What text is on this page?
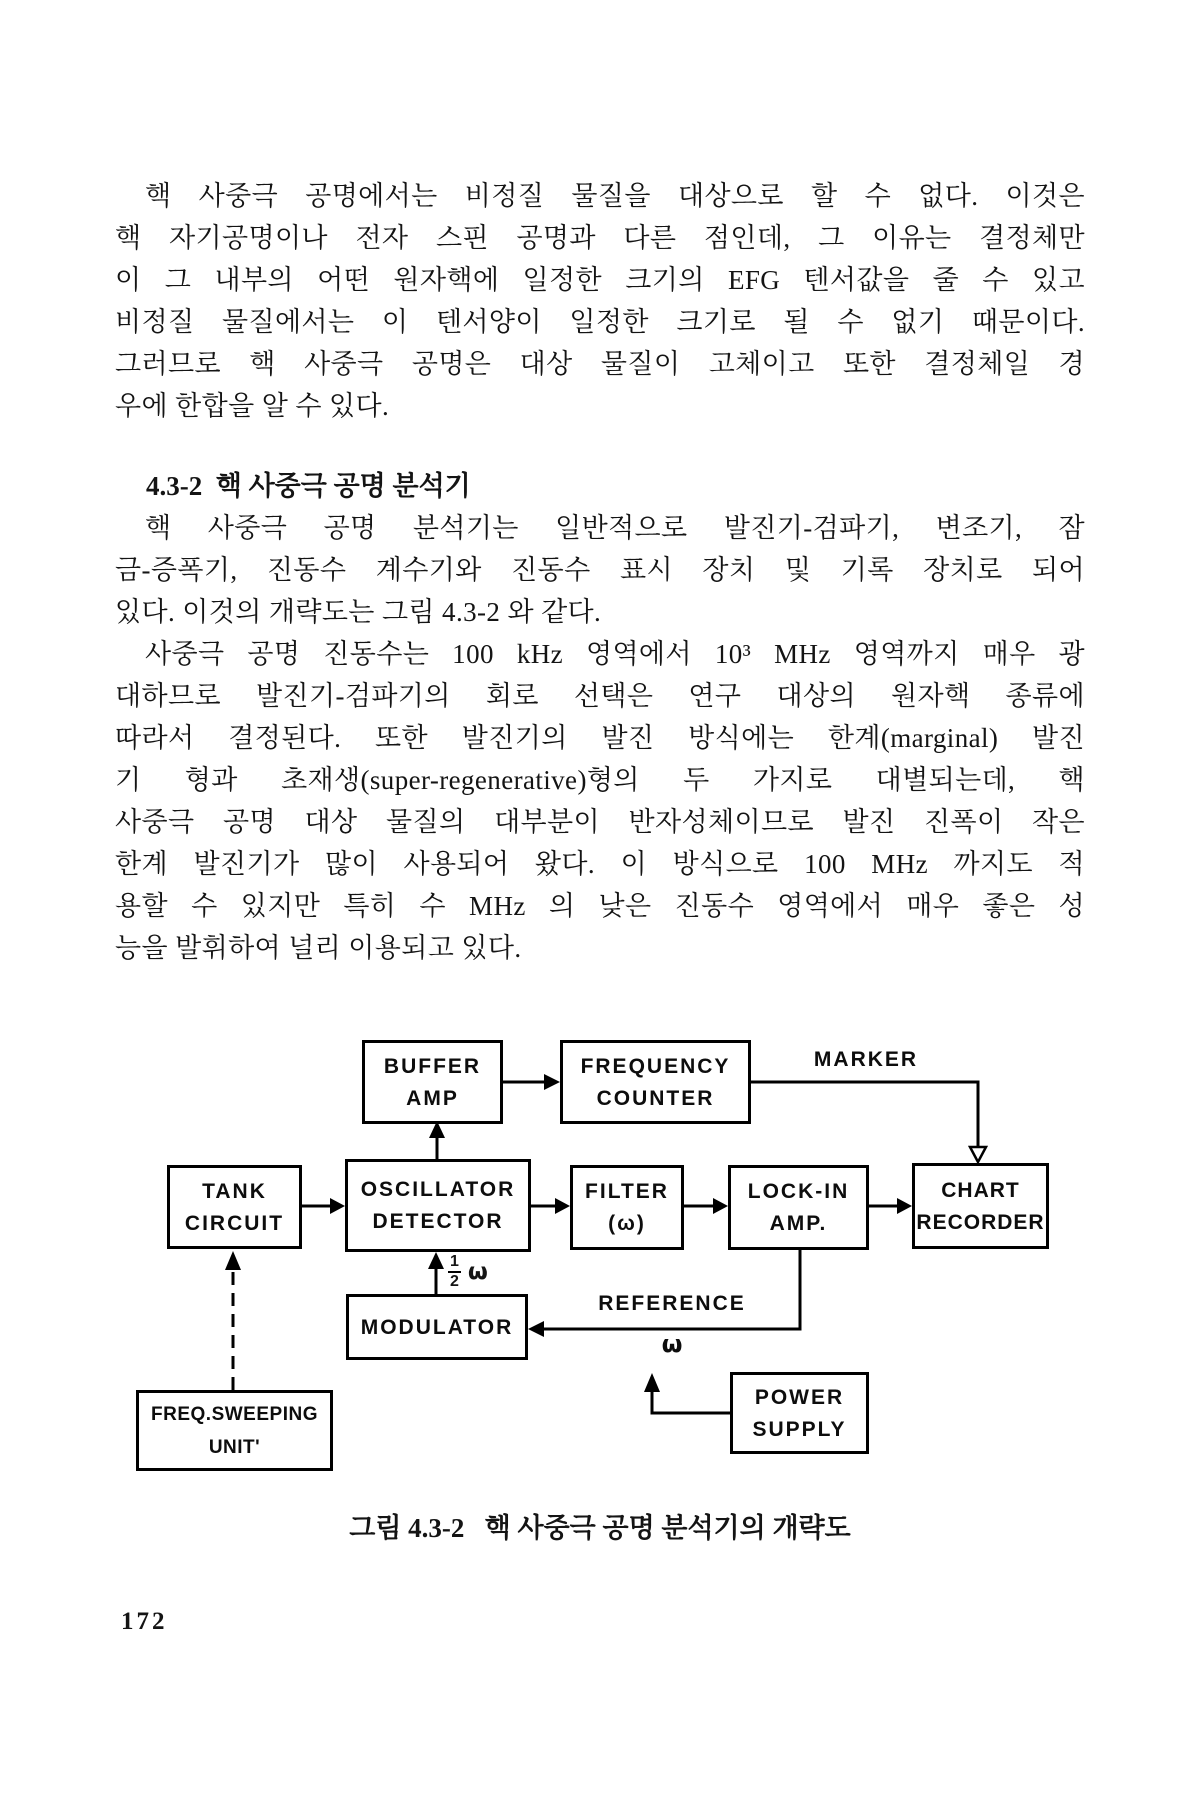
핵 사중극 공명에서는 비정질 물질을 대상으로 할 수 없다. 이것은
핵 자기공명이나 전자 스핀 공명과 다른 점인데, 그 이유는 결정체만
이 그 내부의 어떤 원자핵에 일정한 크기의 EFG 텐서값을 줄 수 있고
비정질 물질에서는 이 텐서양이 일정한 크기로 될 수 없기 때문이다.
그러므로 핵 사중극 공명은 대상 물질이 고체이고 또한 결정체일 경
우에 한합을 알 수 있다.
4.3-2  핵 사중극 공명 분석기
핵 사중극 공명 분석기는 일반적으로 발진기-검파기, 변조기, 잠
금-증폭기, 진동수 계수기와 진동수 표시 장치 및 기록 장치로 되어
있다. 이것의 개략도는 그림 4.3-2 와 같다.
사중극 공명 진동수는 100 kHz 영역에서 10³ MHz 영역까지 매우 광
대하므로 발진기-검파기의 회로 선택은 연구 대상의 원자핵 종류에
따라서 결정된다. 또한 발진기의 발진 방식에는 한계(marginal) 발진
기 형과 초재생(super-regenerative)형의 두 가지로 대별되는데, 핵
사중극 공명 대상 물질의 대부분이 반자성체이므로 발진 진폭이 작은
한계 발진기가 많이 사용되어 왔다. 이 방식으로 100 MHz 까지도 적
용할 수 있지만 특히 수 MHz 의 낮은 진동수 영역에서 매우 좋은 성
능을 발휘하여 널리 이용되고 있다.
BUFFER
AMP
FREQUENCY
COUNTER
TANK
CIRCUIT
OSCILLATOR
DETECTOR
FILTER
(ω)
LOCK-IN
AMP.
CHART
RECORDER
MODULATOR
FREQ.SWEEPING
UNIT'
POWER
SUPPLY
MARKER
REFERENCE
ω
$\frac{1}{2}$ ω
그림 4.3-2   핵 사중극 공명 분석기의 개략도
172
